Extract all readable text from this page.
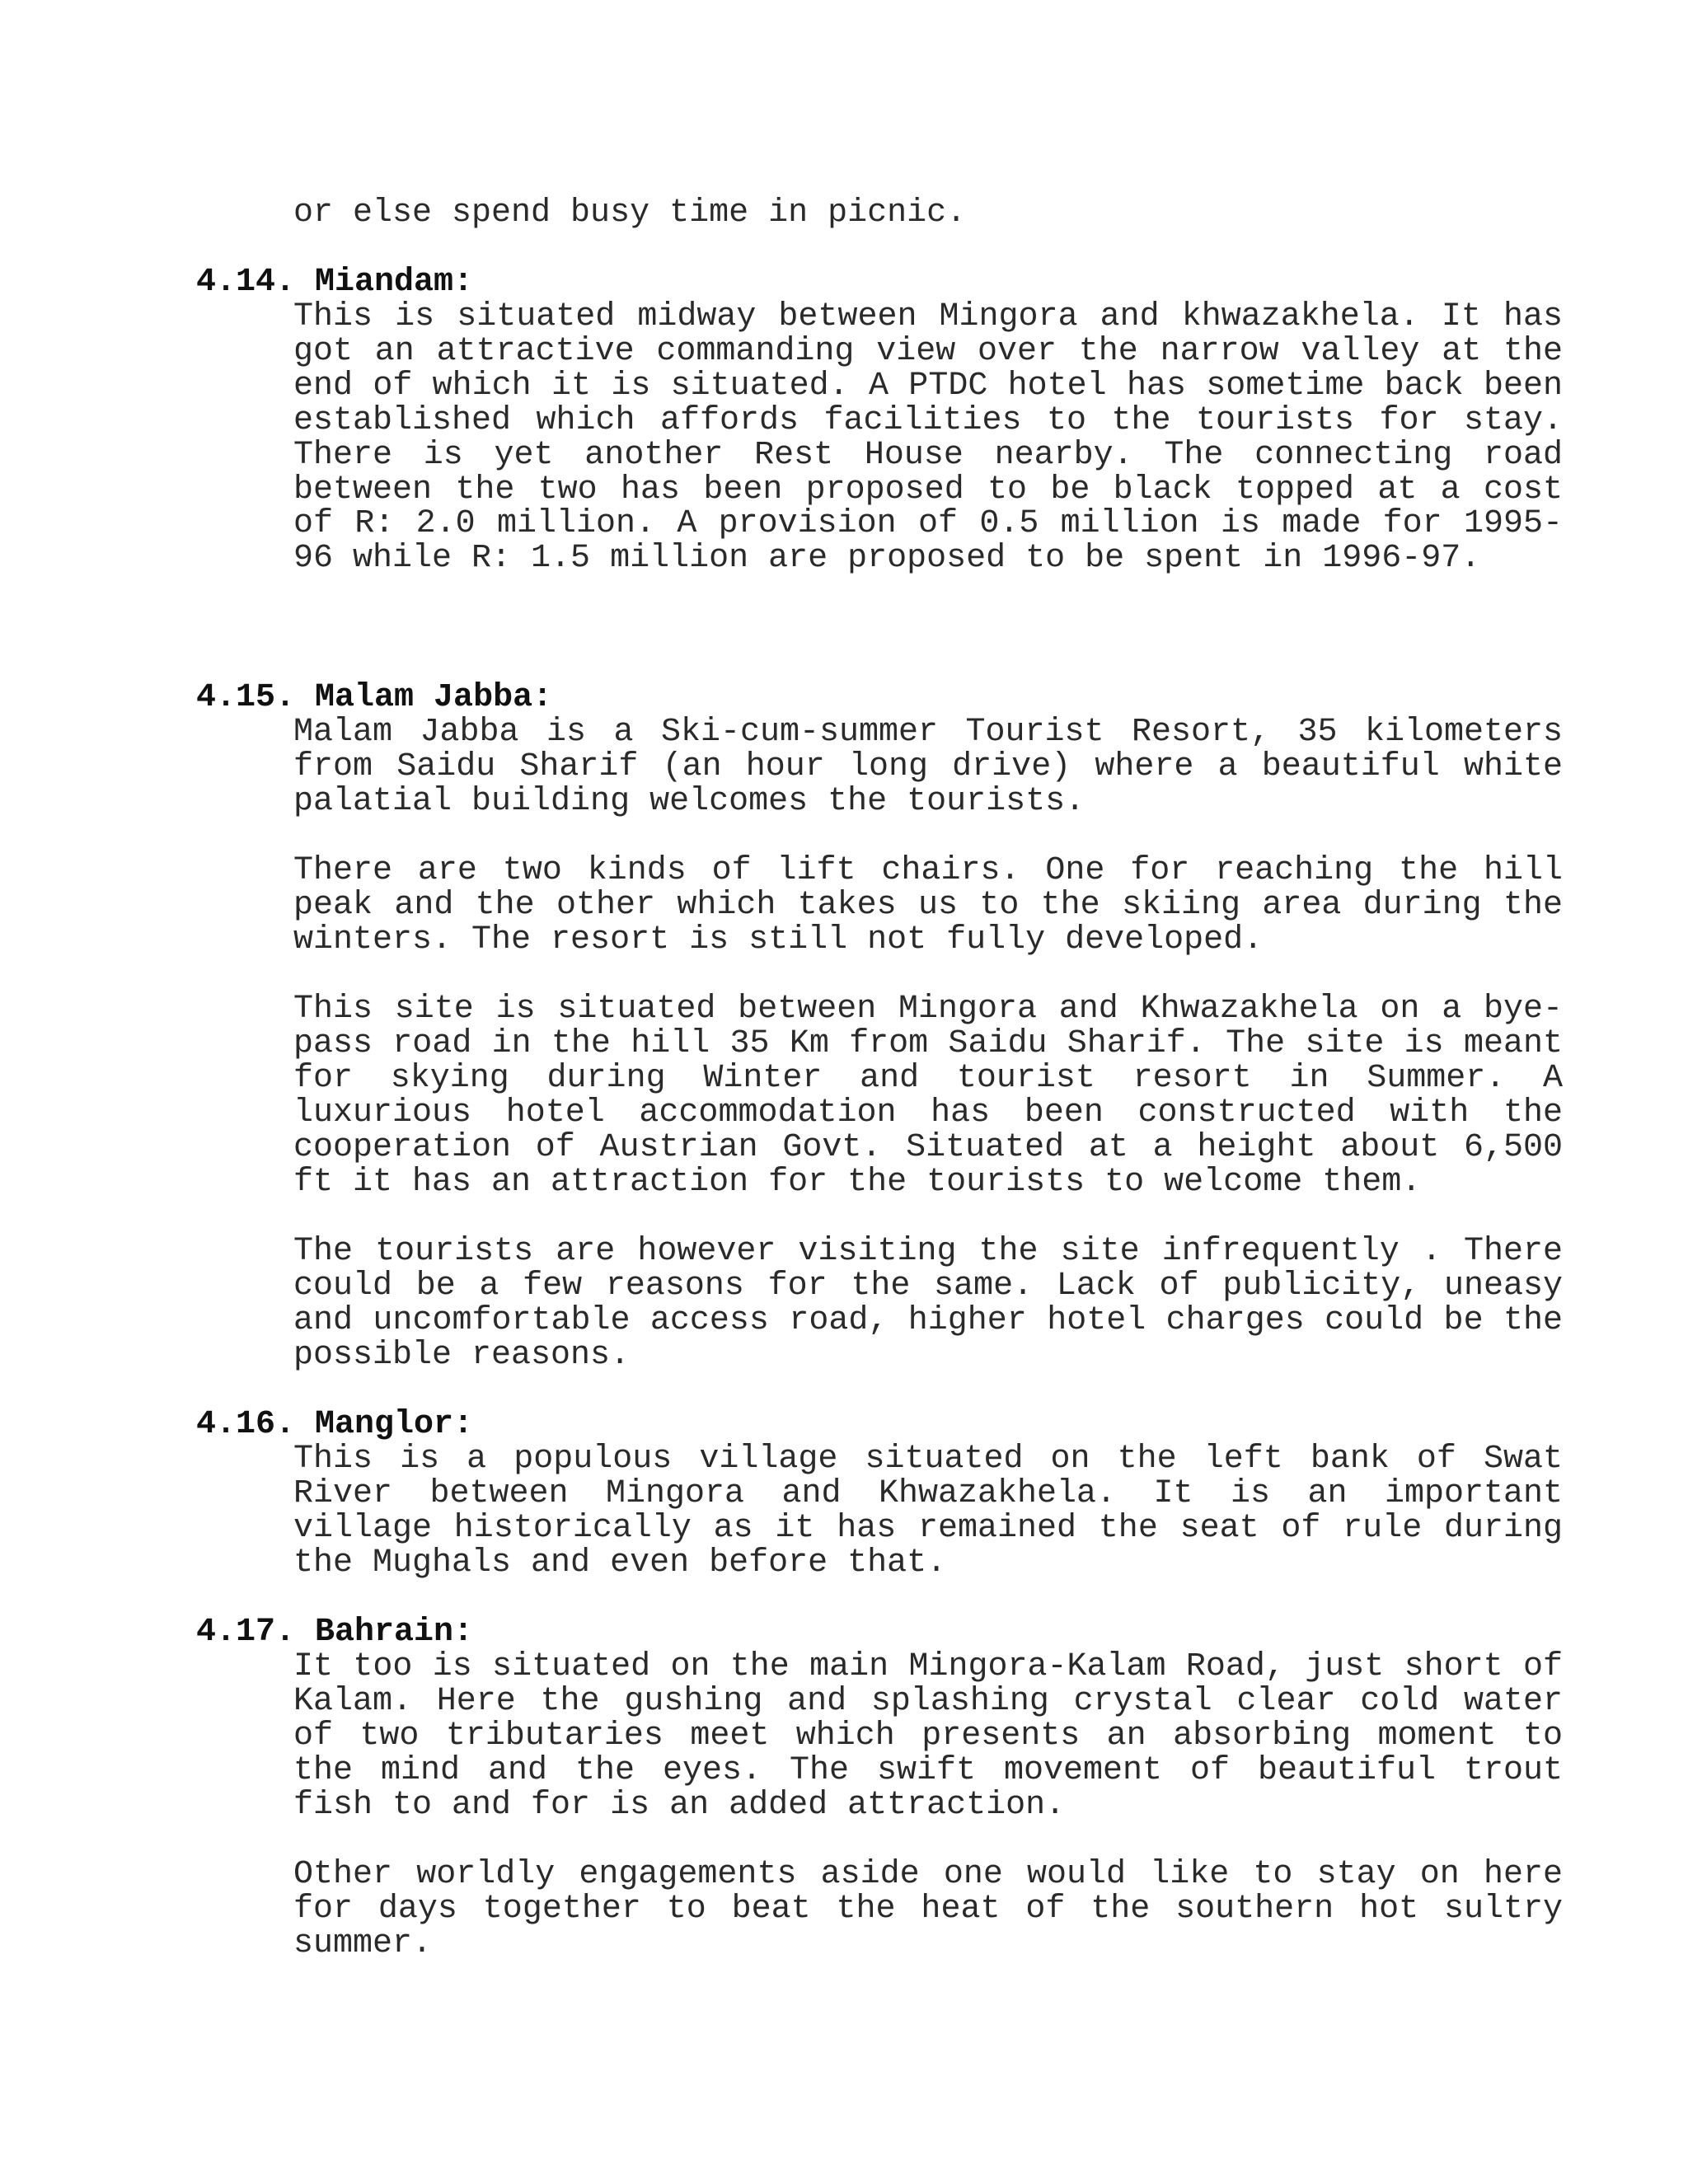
or else spend busy time in picnic.

4.14. Miandam:

This is situated midway between Mingora and khwazakhela. It has got an attractive commanding view over the narrow valley at the end of which it is situated. A PTDC hotel has sometime back been established which affords facilities to the tourists for stay. There is yet another Rest House nearby. The connecting road between the two has been proposed to be black topped at a cost of R: 2.0 million. A provision of 0.5 million is made for 1995-96 while R: 1.5 million are proposed to be spent in 1996-97.

4.15. Malam Jabba:

Malam Jabba is a Ski-cum-summer Tourist Resort, 35 kilometers from Saidu Sharif (an hour long drive) where a beautiful white palatial building welcomes the tourists.

There are two kinds of lift chairs. One for reaching the hill peak and the other which takes us to the skiing area during the winters. The resort is still not fully developed.

This site is situated between Mingora and Khwazakhela on a bye-pass road in the hill 35 Km from Saidu Sharif. The site is meant for skying during Winter and tourist resort in Summer. A luxurious hotel accommodation has been constructed with the cooperation of Austrian Govt. Situated at a height about 6,500 ft it has an attraction for the tourists to welcome them.

The tourists are however visiting the site infrequently . There could be a few reasons for the same. Lack of publicity, uneasy and uncomfortable access road, higher hotel charges could be the possible reasons.

4.16. Manglor:

This is a populous village situated on the left bank of Swat River between Mingora and Khwazakhela. It is an important village historically as it has remained the seat of rule during the Mughals and even before that.

4.17. Bahrain:

It too is situated on the main Mingora-Kalam Road, just short of Kalam. Here the gushing and splashing crystal clear cold water of two tributaries meet which presents an absorbing moment to the mind and the eyes. The swift movement of beautiful trout fish to and for is an added attraction.

Other worldly engagements aside one would like to stay on here for days together to beat the heat of the southern hot sultry summer.
